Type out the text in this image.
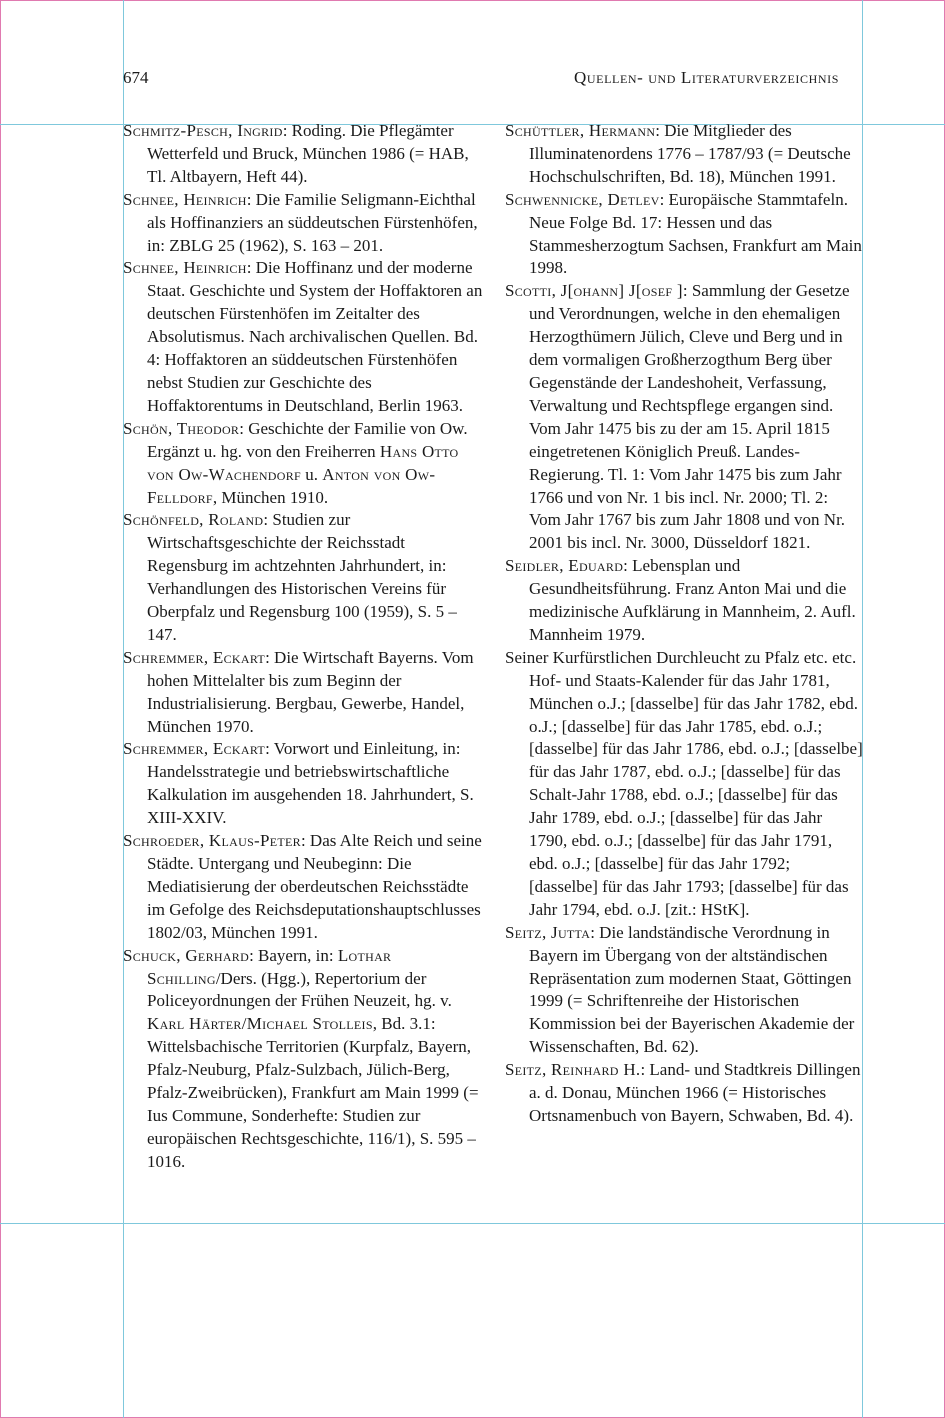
674	Quellen- und Literaturverzeichnis

Schmitz-Pesch, Ingrid: Roding. Die Pflegämter Wetterfeld und Bruck, München 1986 (= HAB, Tl. Altbayern, Heft 44).

Schnee, Heinrich: Die Familie Seligmann-Eichthal als Hoffinanziers an süddeutschen Fürstenhöfen, in: ZBLG 25 (1962), S. 163 – 201.

Schnee, Heinrich: Die Hoffinanz und der moderne Staat. Geschichte und System der Hoffaktoren an deutschen Fürstenhöfen im Zeitalter des Absolutismus. Nach archivalischen Quellen. Bd. 4: Hoffaktoren an süddeutschen Fürstenhöfen nebst Studien zur Geschichte des Hoffaktorentums in Deutschland, Berlin 1963.

Schön, Theodor: Geschichte der Familie von Ow. Ergänzt u. hg. von den Freiherren Hans Otto von Ow-Wachendorf u. Anton von Ow-Felldorf, München 1910.

Schönfeld, Roland: Studien zur Wirtschaftsgeschichte der Reichsstadt Regensburg im achtzehnten Jahrhundert, in: Verhandlungen des Historischen Vereins für Oberpfalz und Regensburg 100 (1959), S. 5 – 147.

Schremmer, Eckart: Die Wirtschaft Bayerns. Vom hohen Mittelalter bis zum Beginn der Industrialisierung. Bergbau, Gewerbe, Handel, München 1970.

Schremmer, Eckart: Vorwort und Einleitung, in: Handelsstrategie und betriebswirtschaftliche Kalkulation im ausgehenden 18. Jahrhundert, S. XIII-XXIV.

Schroeder, Klaus-Peter: Das Alte Reich und seine Städte. Untergang und Neubeginn: Die Mediatisierung der oberdeutschen Reichsstädte im Gefolge des Reichsdeputationshauptschlusses 1802/03, München 1991.

Schuck, Gerhard: Bayern, in: Lothar Schilling/Ders. (Hgg.), Repertorium der Policeyordnungen der Frühen Neuzeit, hg. v. Karl Härter/Michael Stolleis, Bd. 3.1: Wittelsbachische Territorien (Kurpfalz, Bayern, Pfalz-Neuburg, Pfalz-Sulzbach, Jülich-Berg, Pfalz-Zweibrücken), Frankfurt am Main 1999 (= Ius Commune, Sonderhefte: Studien zur europäischen Rechtsgeschichte, 116/1), S. 595 – 1016.

Schüttler, Hermann: Die Mitglieder des Illuminatenordens 1776 – 1787/93 (= Deutsche Hochschulschriften, Bd. 18), München 1991.

Schwennicke, Detlev: Europäische Stammtafeln. Neue Folge Bd. 17: Hessen und das Stammesherzogtum Sachsen, Frankfurt am Main 1998.

Scotti, J[ohann] J[osef ]: Sammlung der Gesetze und Verordnungen, welche in den ehemaligen Herzogthümern Jülich, Cleve und Berg und in dem vormaligen Großherzogthum Berg über Gegenstände der Landeshoheit, Verfassung, Verwaltung und Rechtspflege ergangen sind. Vom Jahr 1475 bis zu der am 15. April 1815 eingetretenen Königlich Preuß. Landes-Regierung. Tl. 1: Vom Jahr 1475 bis zum Jahr 1766 und von Nr. 1 bis incl. Nr. 2000; Tl. 2: Vom Jahr 1767 bis zum Jahr 1808 und von Nr. 2001 bis incl. Nr. 3000, Düsseldorf 1821.

Seidler, Eduard: Lebensplan und Gesundheitsführung. Franz Anton Mai und die medizinische Aufklärung in Mannheim, 2. Aufl. Mannheim 1979.

Seiner Kurfürstlichen Durchleucht zu Pfalz etc. etc. Hof- und Staats-Kalender für das Jahr 1781, München o.J.; [dasselbe] für das Jahr 1782, ebd. o.J.; [dasselbe] für das Jahr 1785, ebd. o.J.; [dasselbe] für das Jahr 1786, ebd. o.J.; [dasselbe] für das Jahr 1787, ebd. o.J.; [dasselbe] für das Schalt-Jahr 1788, ebd. o.J.; [dasselbe] für das Jahr 1789, ebd. o.J.; [dasselbe] für das Jahr 1790, ebd. o.J.; [dasselbe] für das Jahr 1791, ebd. o.J.; [dasselbe] für das Jahr 1792; [dasselbe] für das Jahr 1793; [dasselbe] für das Jahr 1794, ebd. o.J. [zit.: HStK].

Seitz, Jutta: Die landständische Verordnung in Bayern im Übergang von der altständischen Repräsentation zum modernen Staat, Göttingen 1999 (= Schriftenreihe der Historischen Kommission bei der Bayerischen Akademie der Wissenschaften, Bd. 62).

Seitz, Reinhard H.: Land- und Stadtkreis Dillingen a. d. Donau, München 1966 (= Historisches Ortsnamenbuch von Bayern, Schwaben, Bd. 4).
